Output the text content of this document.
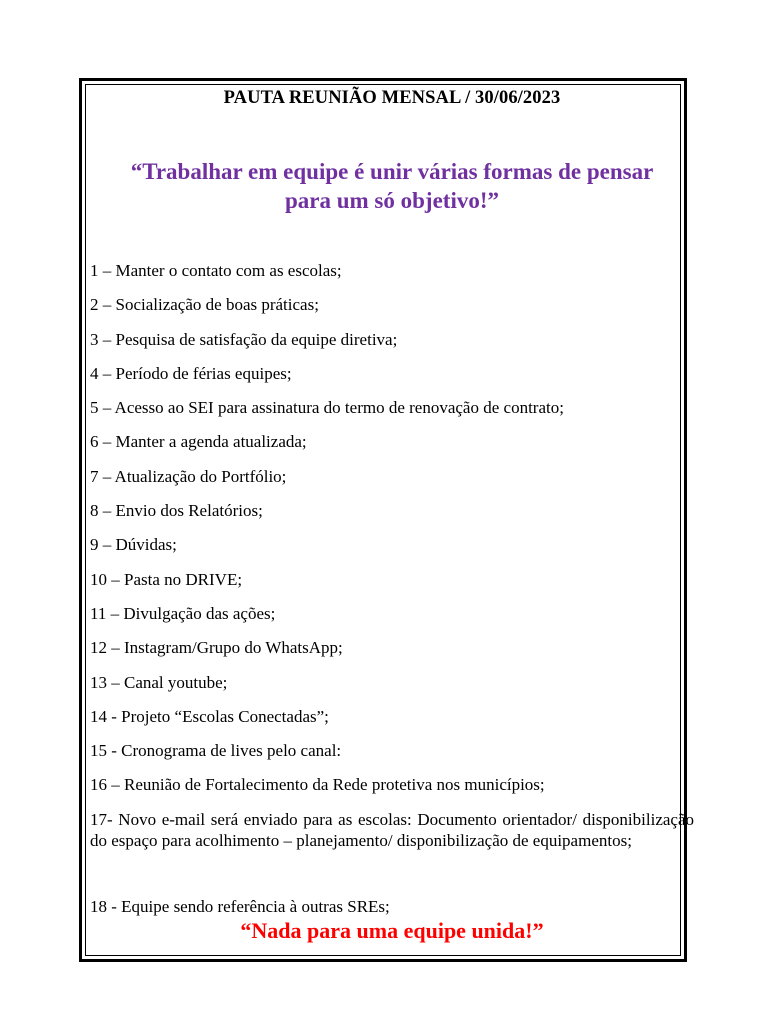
PAUTA REUNIÃO MENSAL / 30/06/2023
“Trabalhar em equipe é unir várias formas de pensar
para um só objetivo!”
1 – Manter o contato com as escolas;
2 – Socialização de boas práticas;
3 – Pesquisa de satisfação da equipe diretiva;
4 – Período de férias equipes;
5 – Acesso ao SEI para assinatura do termo de renovação de contrato;
6 – Manter a agenda atualizada;
7 – Atualização do Portfólio;
8 – Envio dos Relatórios;
9 – Dúvidas;
10 – Pasta no DRIVE;
11 – Divulgação das ações;
12 – Instagram/Grupo do WhatsApp;
13 – Canal youtube;
14 - Projeto “Escolas Conectadas”;
15 - Cronograma de lives pelo canal:
16 – Reunião de Fortalecimento da Rede protetiva nos municípios;
17- Novo e-mail será enviado para as escolas: Documento orientador/ disponibilização do espaço para acolhimento – planejamento/ disponibilização de equipamentos;
18 - Equipe sendo referência à outras SREs;
“Nada para uma equipe unida!”
